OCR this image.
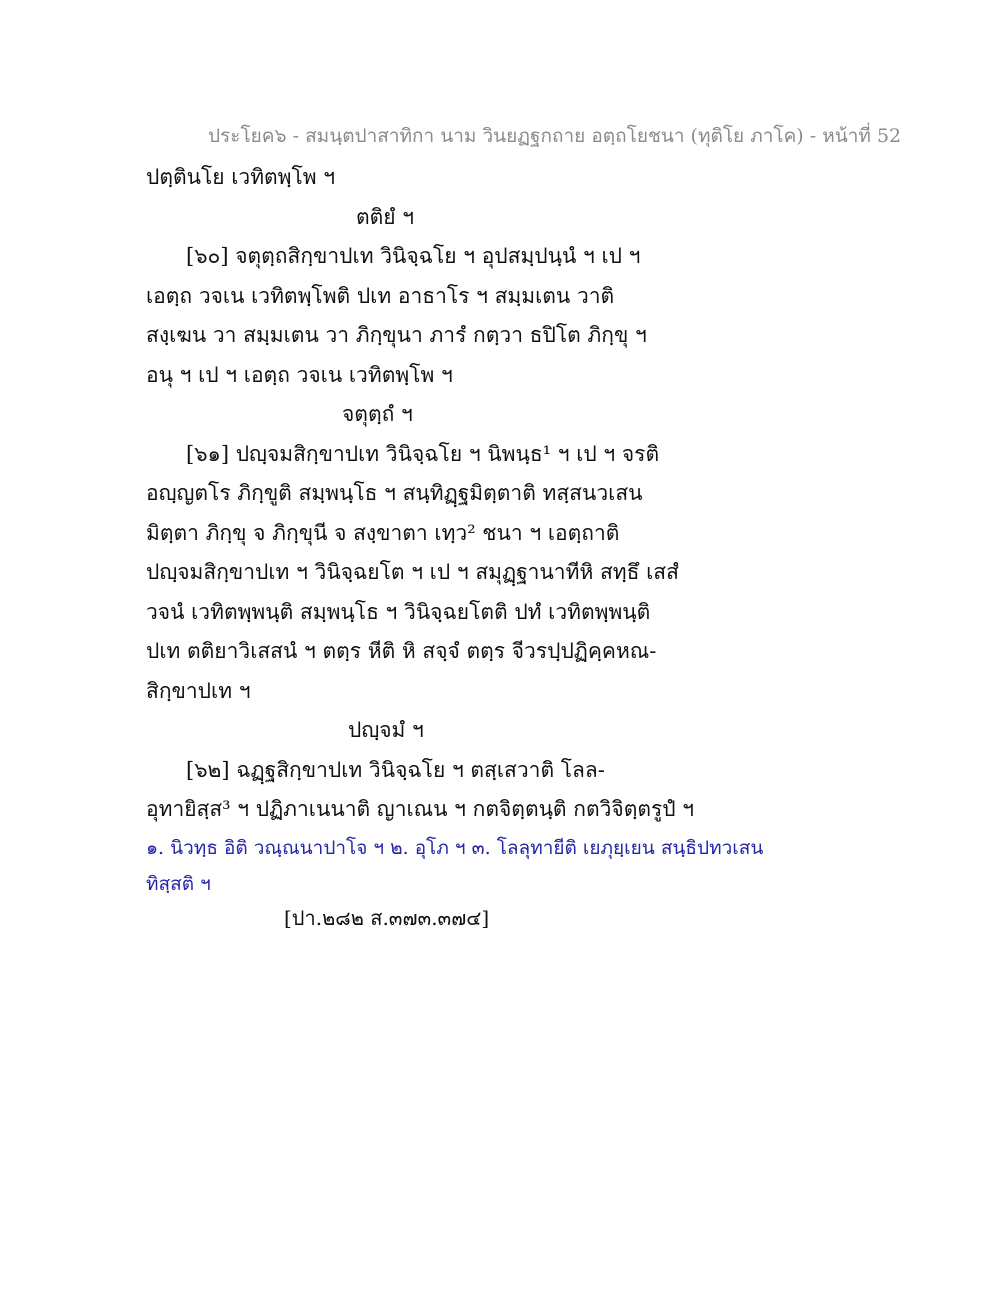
ประโยค๖ - สมนฺตปาสาทิกา นาม วินยฏฐกถาย อตฺถโยชนา (ทุติโย ภาโค) - หน้าที่ 52
ปตฺตินโย เวทิตพฺโพ ฯ
ตติยํ ฯ
[๖๐] จตุตฺถสิกฺขาปเท วินิจฺฉโย ฯ อุปสมฺปนฺนํ ฯ เป ฯ
เอตฺถ วจเน เวทิตพฺโพติ ปเท อาธาโร ฯ สมฺมเตน วาติ
สงฺเฆน วา สมฺมเตน วา ภิกฺขุนา ภารํ กตฺวา ธปิโต ภิกฺขุ ฯ
อนุ ฯ เป ฯ เอตฺถ วจเน เวทิตพฺโพ ฯ
จตุตฺถํ ฯ
[๖๑] ปญฺจมสิกฺขาปเท วินิจฺฉโย ฯ นิพนฺธ¹ ฯ เป ฯ จรติ
อญฺญตโร ภิกฺขูติ สมฺพนฺโธ ฯ สนฺทิฏฺฐมิตฺตาติ ทสฺสนวเสน
มิตฺตา ภิกฺขุ จ ภิกฺขุนี จ สงฺขาตา เทฺว² ชนา ฯ เอตฺถาติ
ปญฺจมสิกฺขาปเท ฯ วินิจฺฉยโต ฯ เป ฯ สมุฏฺฐานาทีหิ สทฺธึ เสสํ
วจนํ เวทิตพฺพนฺติ สมฺพนฺโธ ฯ วินิจฺฉยโตติ ปทํ เวทิตพฺพนฺติ
ปเท ตติยาวิเสสนํ ฯ ตตฺร หีติ หิ สจฺจํ ตตฺร จีวรปฺปฏิคฺคหณ-
สิกฺขาปเท ฯ
ปญฺจมํ ฯ
[๖๒] ฉฏฺฐสิกฺขาปเท วินิจฺฉโย ฯ ตสฺเสวาติ โลล-
อุทายิสฺส³ ฯ ปฏิภาเนนาติ ญาเณน ฯ กตจิตฺตนฺติ กตวิจิตฺตรูปํ ฯ
๑. นิวทฺธ อิติ วณฺณนาปาโจ ฯ ๒. อุโภ ฯ ๓. โลลุทายีติ เยภุยฺเยน สนฺธิปทวเสน
ทิสฺสติ ฯ
[ปา.๒๘๒ ส.๓๗๓.๓๗๔]
